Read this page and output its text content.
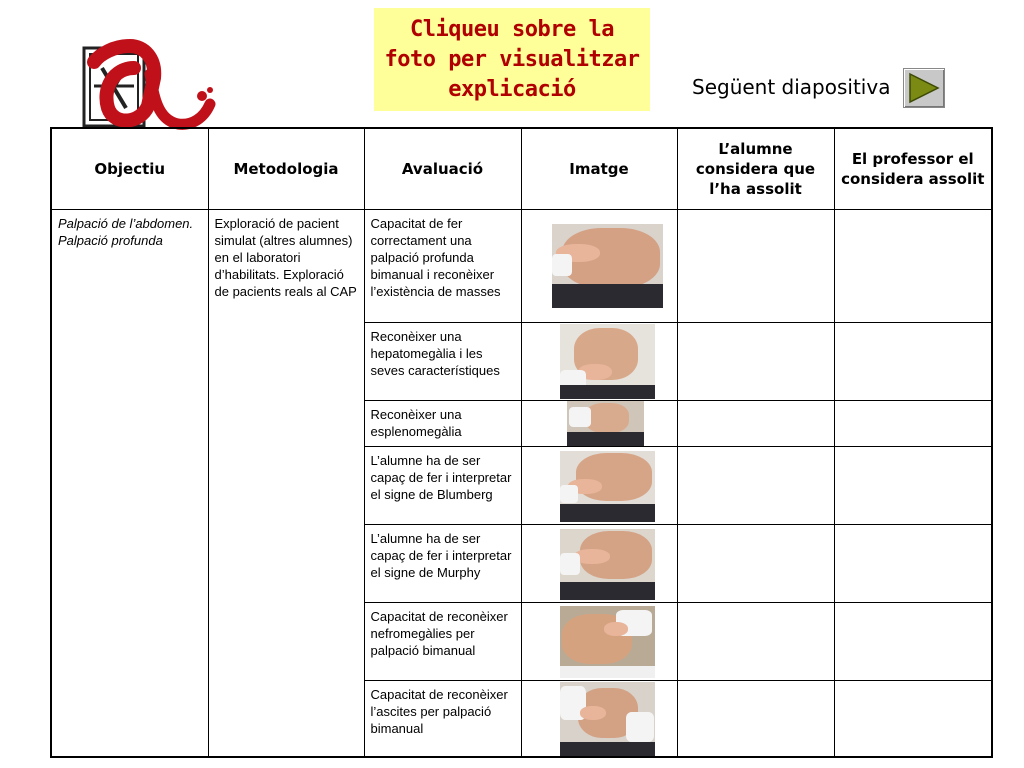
Cliqueu sobre la
foto per visualitzar
explicació	Següent diapositiva
Objectiu	Metodologia	Avaluació	Imatge	L’alumne considera que l’ha assolit	El professor el considera assolit
Palpació de l’abdomen. Palpació profunda	Exploració de pacient simulat (altres alumnes) en el laboratori d’habilitats. Exploració de pacients reals al CAP	Capacitat de fer correctament una palpació profunda bimanual i reconèixer l’existència de masses	

		Reconèixer una hepatomegàlia i les seves característiques	

		Reconèixer una esplenomegàlia	

		L’alumne ha de ser capaç de fer i interpretar el signe de Blumberg	

		L’alumne ha de ser capaç de fer i interpretar el signe de Murphy	

		Capacitat de reconèixer nefromegàlies per palpació bimanual	

		Capacitat de reconèixer l’ascites per palpació bimanual	
